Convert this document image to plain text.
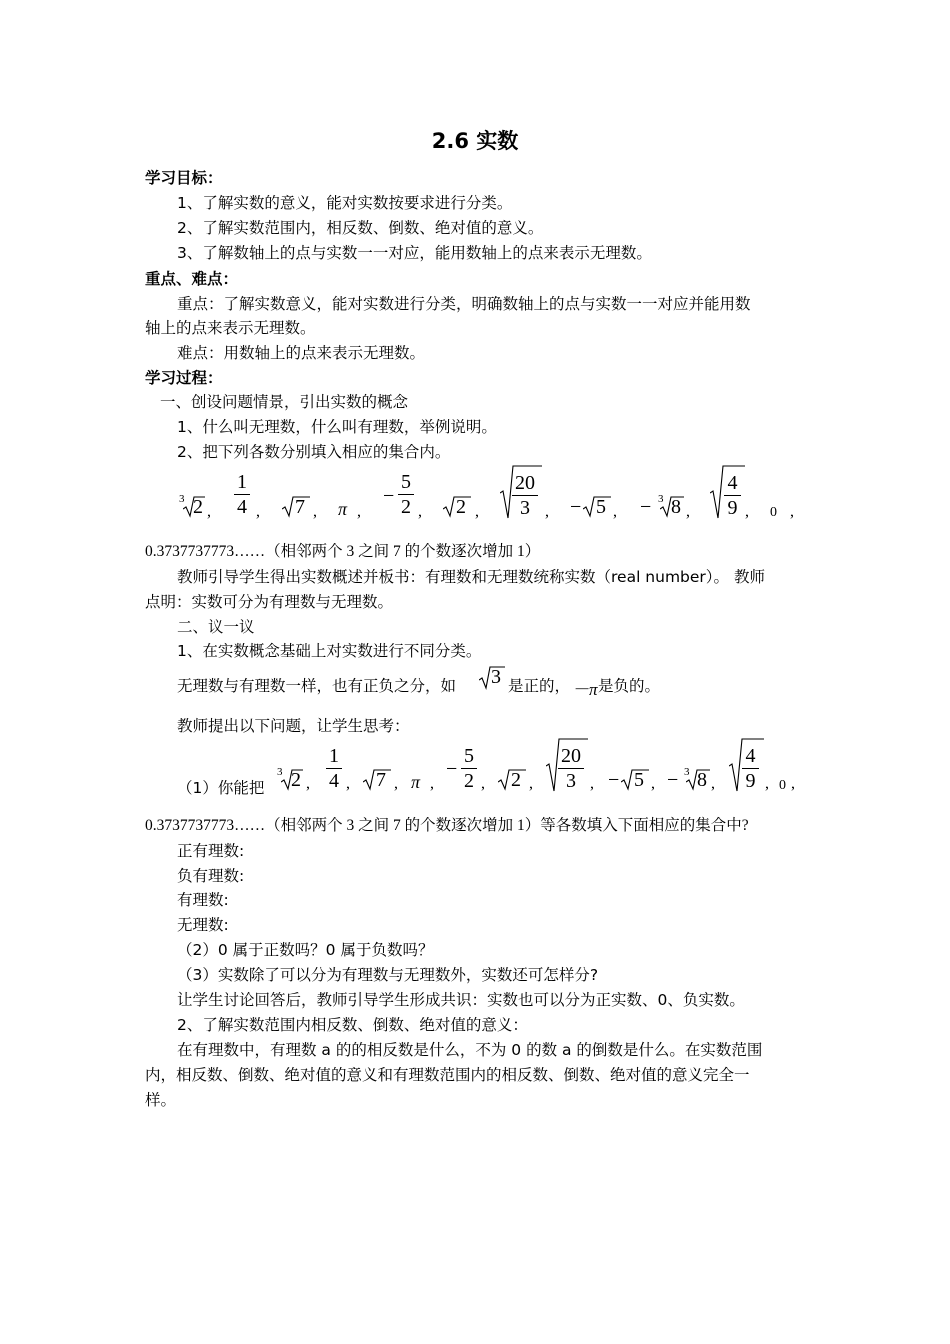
2.6 实数
学习目标：
1、了解实数的意义，能对实数按要求进行分类。
2、了解实数范围内，相反数、倒数、绝对值的意义。
3、了解数轴上的点与实数一一对应，能用数轴上的点来表示无理数。
重点、难点：
重点：了解实数意义，能对实数进行分类，明确数轴上的点与实数一一对应并能用数
轴上的点来表示无理数。
难点：用数轴上的点来表示无理数。
学习过程：
一、创设问题情景，引出实数的概念
1、什么叫无理数，什么叫有理数，举例说明。
2、把下列各数分别填入相应的集合内。
3 2 ,
1
4 , 7 , π ,
−
5
2 , 2 ,
20
3 , − 5 , − 3 8 ,
4
9 , 0 ,
0.3737737773……（相邻两个 3 之间 7 的个数逐次增加 1）
教师引导学生得出实数概述并板书：有理数和无理数统称实数（real number）。 教师
点明：实数可分为有理数与无理数。
二、议一议
1、在实数概念基础上对实数进行不同分类。
无理数与有理数一样，也有正负之分，如 3 是正的， －π 是负的。
教师提出以下问题，让学生思考：
（1）你能把
3 2 ,
1
4 , 7 , π ,
−
5
2 , 2 ,
20
3 , − 5 , − 3 8 ,
4
9 , 0 ,
0.3737737773……（相邻两个 3 之间 7 的个数逐次增加 1）等各数填入下面相应的集合中?
正有理数:
负有理数:
有理数:
无理数:
（2）0 属于正数吗？0 属于负数吗？
（3）实数除了可以分为有理数与无理数外，实数还可怎样分?
让学生讨论回答后，教师引导学生形成共识：实数也可以分为正实数、0、负实数。
2、了解实数范围内相反数、倒数、绝对值的意义：
在有理数中，有理数 a 的的相反数是什么，不为 0 的数 a 的倒数是什么。在实数范围
内，相反数、倒数、绝对值的意义和有理数范围内的相反数、倒数、绝对值的意义完全一
样。
